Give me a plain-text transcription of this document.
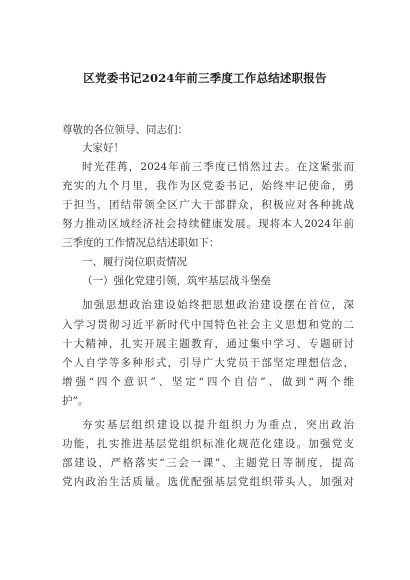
区党委书记2024年前三季度工作总结述职报告
尊敬的各位领导、同志们：
大家好！
时光荏苒，2024年前三季度已悄然过去。在这紧张而
充实的九个月里，我作为区党委书记，始终牢记使命，勇
于担当，团结带领全区广大干部群众，积极应对各种挑战
努力推动区域经济社会持续健康发展。现将本人2024年前
三季度的工作情况总结述职如下：
一、履行岗位职责情况
（一）强化党建引领，筑牢基层战斗堡垒
加强思想政治建设始终把思想政治建设摆在首位，深
入学习贯彻习近平新时代中国特色社会主义思想和党的二
十大精神，扎实开展主题教育，通过集中学习、专题研讨
个人自学等多种形式，引导广大党员干部坚定理想信念，
增强“四个意识”、坚定“四个自信”、做到“两个维
护”。
夯实基层组织建设以提升组织力为重点，突出政治
功能，扎实推进基层党组织标准化规范化建设。加强党支
部建设，严格落实“三会一课”、主题党日等制度，提高
党内政治生活质量。选优配强基层党组织带头人，加强对
